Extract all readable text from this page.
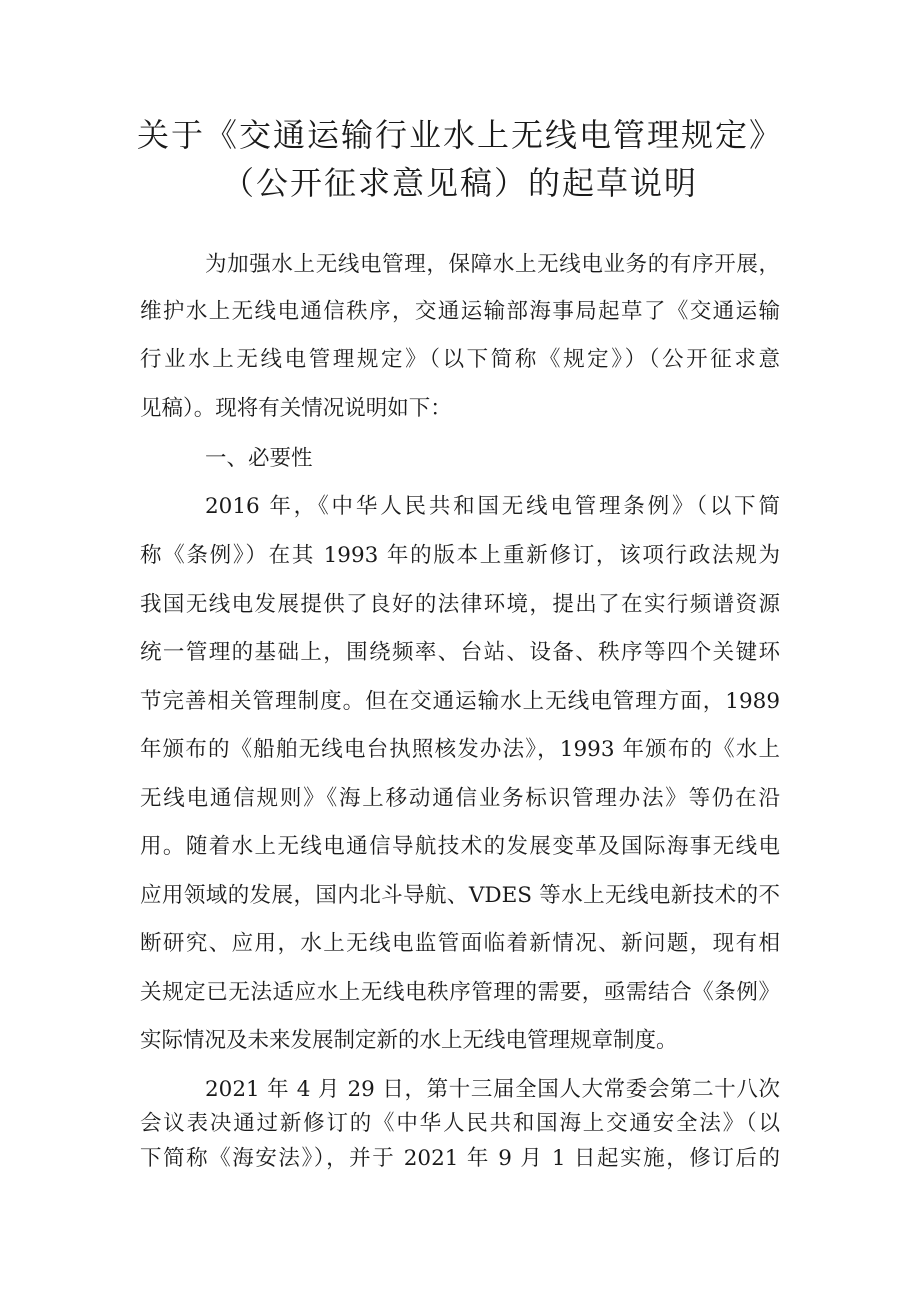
关于《交通运输行业水上无线电管理规定》
（公开征求意见稿）的起草说明
为加强水上无线电管理，保障水上无线电业务的有序开展，
维护水上无线电通信秩序，交通运输部海事局起草了《交通运输
行业水上无线电管理规定》（以下简称《规定》）（公开征求意
见稿）。现将有关情况说明如下：
一、必要性
2016 年，《中华人民共和国无线电管理条例》（以下简
称《条例》）在其 1993 年的版本上重新修订，该项行政法规为
我国无线电发展提供了良好的法律环境，提出了在实行频谱资源
统一管理的基础上，围绕频率、台站、设备、秩序等四个关键环
节完善相关管理制度。但在交通运输水上无线电管理方面，1989
年颁布的《船舶无线电台执照核发办法》，1993 年颁布的《水上
无线电通信规则》《海上移动通信业务标识管理办法》等仍在沿
用。随着水上无线电通信导航技术的发展变革及国际海事无线电
应用领域的发展，国内北斗导航、VDES 等水上无线电新技术的不
断研究、应用，水上无线电监管面临着新情况、新问题，现有相
关规定已无法适应水上无线电秩序管理的需要，亟需结合《条例》
实际情况及未来发展制定新的水上无线电管理规章制度。
2021 年 4 月 29 日，第十三届全国人大常委会第二十八次
会议表决通过新修订的《中华人民共和国海上交通安全法》（以
下简称《海安法》），并于 2021 年 9 月 1 日起实施，修订后的
